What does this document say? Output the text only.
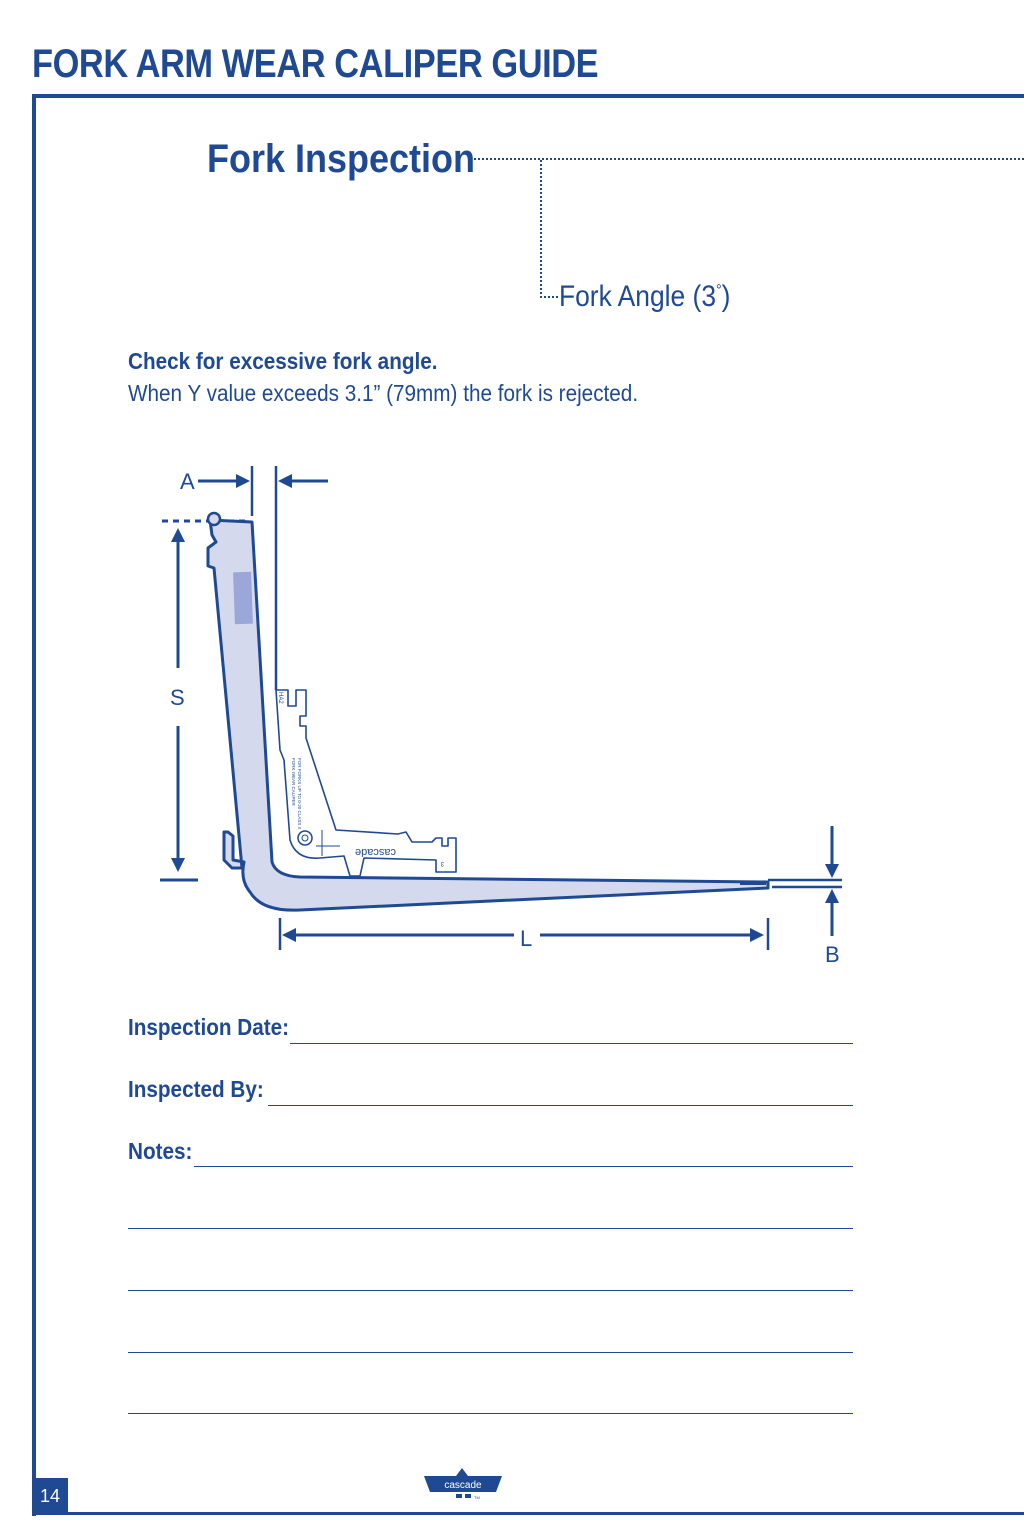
FORK ARM WEAR CALIPER GUIDE
14
Fork Inspection
Fork Angle (3°)
Check for excessive fork angle.
When Y value exceeds 3.1” (79mm) the fork is rejected.
A
S
L
B
cascade
FORK WEAR CALIPER FOR FORKS UP TO 0-20 CLASS X
HA2
3
Inspection Date:
Inspected By:
Notes:
cascade
TM
